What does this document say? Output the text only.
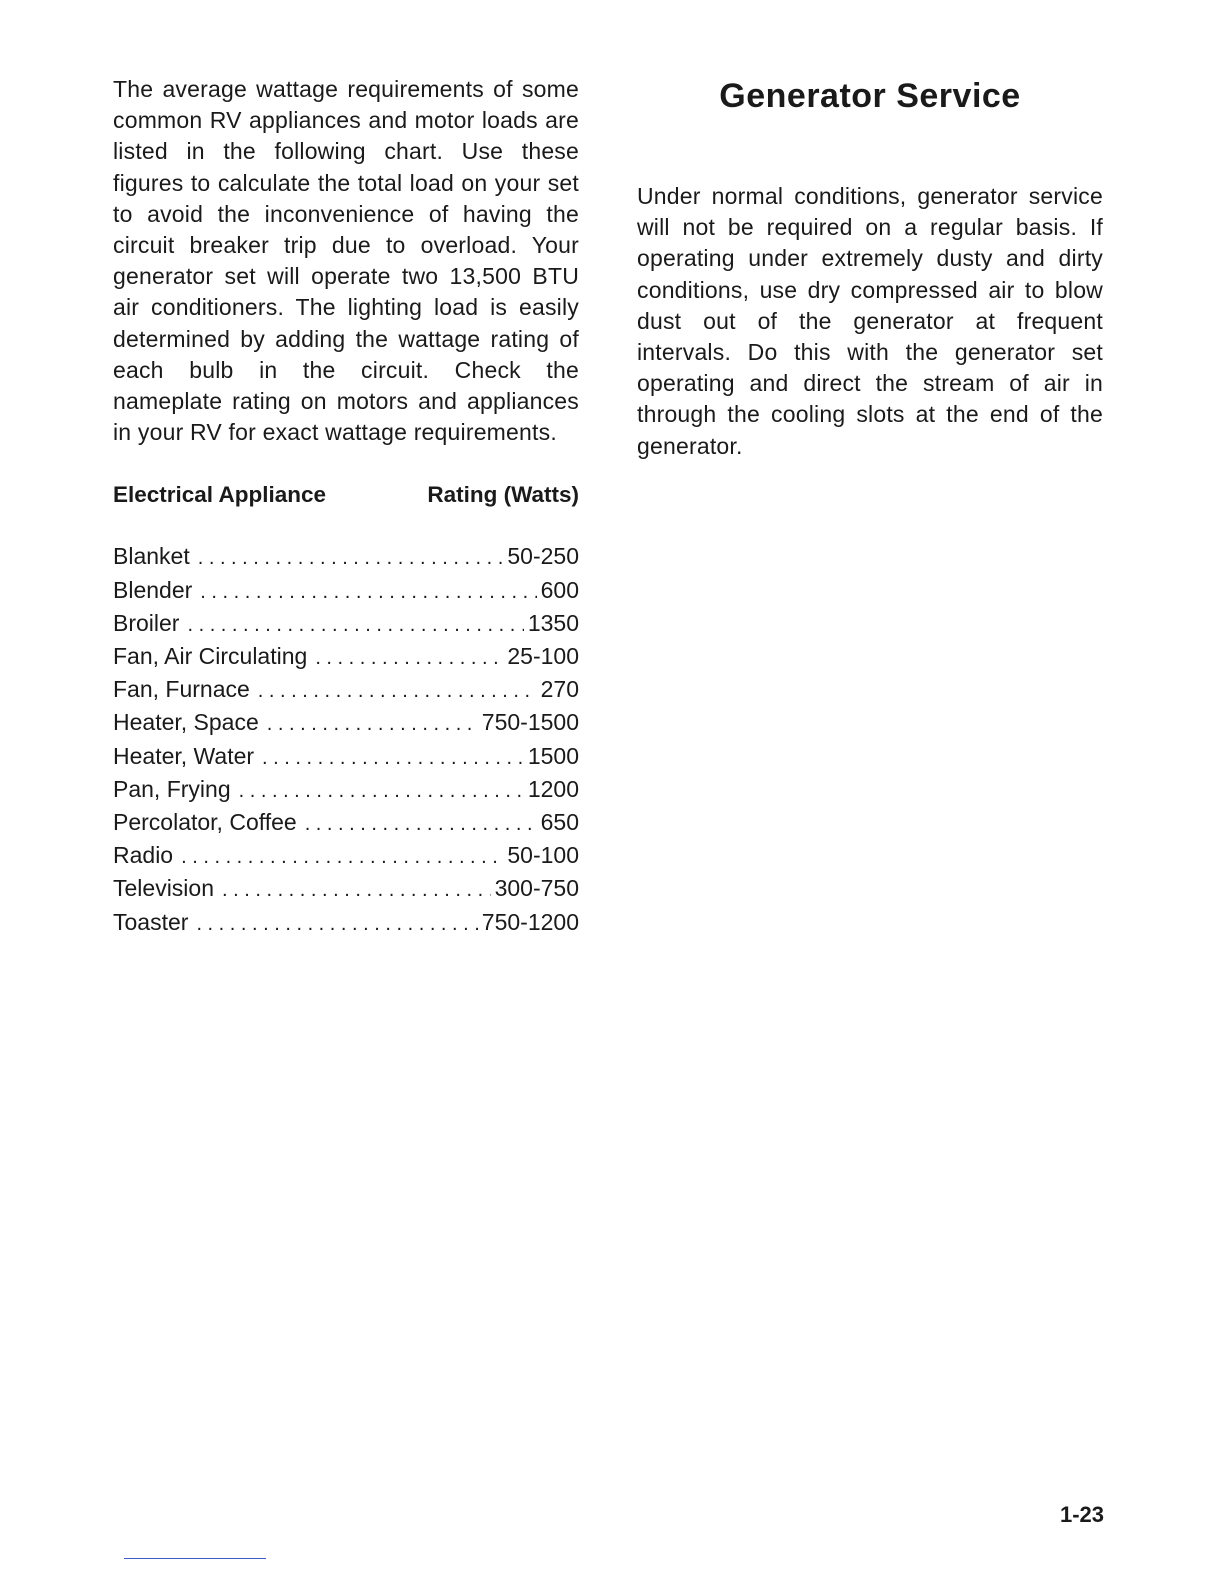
The average wattage requirements of some common RV appliances and motor loads are listed in the following chart. Use these figures to calculate the total load on your set to avoid the inconvenience of having the circuit breaker trip due to overload. Your generator set will operate two 13,500 BTU air conditioners. The lighting load is easily determined by adding the wattage rating of each bulb in the circuit. Check the nameplate rating on motors and appliances in your RV for exact wattage requirements.

Electrical Appliance	Rating (Watts)
Blanket . . .	50-250
Blender . . .	600
Broiler . . .	1350
Fan, Air Circulating . . .	25-100
Fan, Furnace . . .	270
Heater, Space . . .	750-1500
Heater, Water . . .	1500
Pan, Frying . . .	1200
Percolator, Coffee . . .	650
Radio . . .	50-100
Television . . .	300-750
Toaster . . .	750-1200
Generator Service

Under normal conditions, generator service will not be required on a regular basis. If operating under extremely dusty and dirty conditions, use dry compressed air to blow dust out of the generator at frequent intervals. Do this with the generator set operating and direct the stream of air in through the cooling slots at the end of the generator.

1-23
